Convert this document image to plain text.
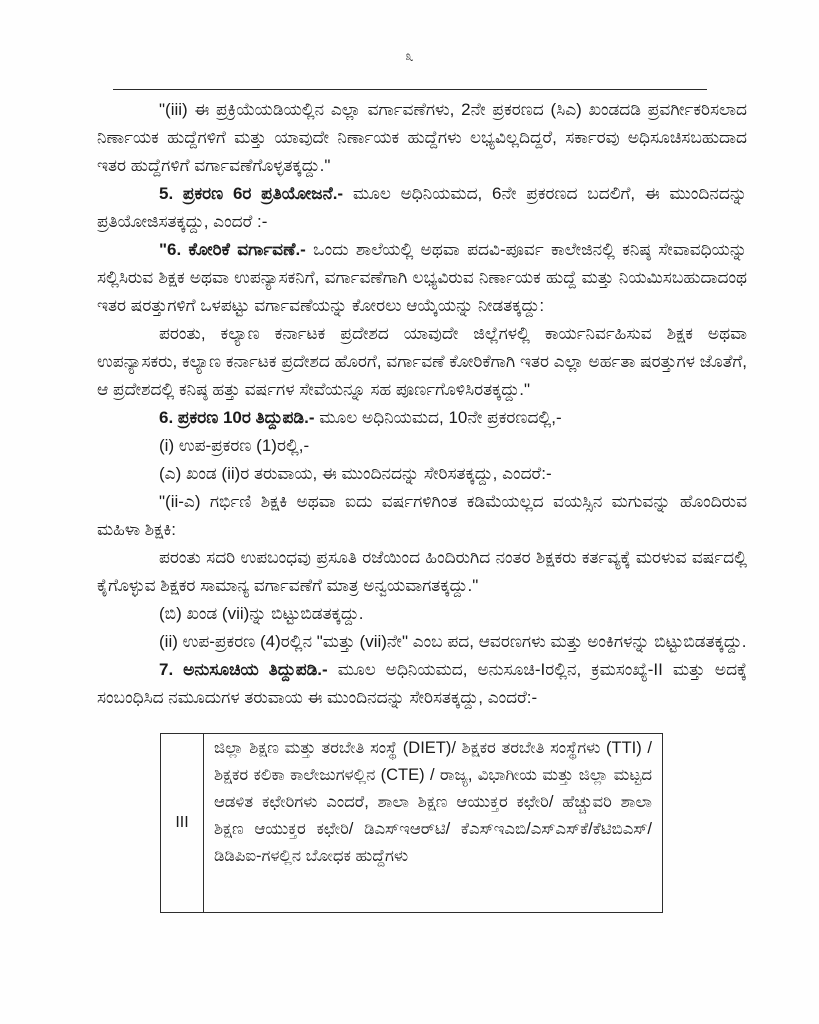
೩

"(iii) ಈ ಪ್ರಕ್ರಿಯೆಯಡಿಯಲ್ಲಿನ ಎಲ್ಲಾ ವರ್ಗಾವಣೆಗಳು, 2ನೇ ಪ್ರಕರಣದ (ಸಿಎ) ಖಂಡದಡಿ ಪ್ರವರ್ಗೀಕರಿಸಲಾದ ನಿರ್ಣಾಯಕ ಹುದ್ದೆಗಳಿಗೆ ಮತ್ತು ಯಾವುದೇ ನಿರ್ಣಾಯಕ ಹುದ್ದೆಗಳು ಲಭ್ಯವಿಲ್ಲದಿದ್ದರೆ, ಸರ್ಕಾರವು ಅಧಿಸೂಚಿಸಬಹುದಾದ ಇತರ ಹುದ್ದೆಗಳಿಗೆ ವರ್ಗಾವಣೆಗೊಳ್ಳತಕ್ಕದ್ದು."

5. ಪ್ರಕರಣ 6ರ ಪ್ರತಿಯೋಜನೆ.- ಮೂಲ ಅಧಿನಿಯಮದ, 6ನೇ ಪ್ರಕರಣದ ಬದಲಿಗೆ, ಈ ಮುಂದಿನದನ್ನು ಪ್ರತಿಯೋಜಿಸತಕ್ಕದ್ದು, ಎಂದರೆ :-

"6. ಕೋರಿಕೆ ವರ್ಗಾವಣೆ.- ಒಂದು ಶಾಲೆಯಲ್ಲಿ ಅಥವಾ ಪದವಿ-ಪೂರ್ವ ಕಾಲೇಜಿನಲ್ಲಿ ಕನಿಷ್ಠ ಸೇವಾವಧಿಯನ್ನು ಸಲ್ಲಿಸಿರುವ ಶಿಕ್ಷಕ ಅಥವಾ ಉಪನ್ಯಾಸಕನಿಗೆ, ವರ್ಗಾವಣೆಗಾಗಿ ಲಭ್ಯವಿರುವ ನಿರ್ಣಾಯಕ ಹುದ್ದೆ ಮತ್ತು ನಿಯಮಿಸಬಹುದಾದಂಥ ಇತರ ಷರತ್ತುಗಳಿಗೆ ಒಳಪಟ್ಟು ವರ್ಗಾವಣೆಯನ್ನು ಕೋರಲು ಆಯ್ಕೆಯನ್ನು ನೀಡತಕ್ಕದ್ದು:

ಪರಂತು, ಕಲ್ಯಾಣ ಕರ್ನಾಟಕ ಪ್ರದೇಶದ ಯಾವುದೇ ಜಿಲ್ಲೆಗಳಲ್ಲಿ ಕಾರ್ಯನಿರ್ವಹಿಸುವ ಶಿಕ್ಷಕ ಅಥವಾ ಉಪನ್ಯಾಸಕರು, ಕಲ್ಯಾಣ ಕರ್ನಾಟಕ ಪ್ರದೇಶದ ಹೊರಗೆ, ವರ್ಗಾವಣೆ ಕೋರಿಕೆಗಾಗಿ ಇತರ ಎಲ್ಲಾ ಅರ್ಹತಾ ಷರತ್ತುಗಳ ಜೊತೆಗೆ, ಆ ಪ್ರದೇಶದಲ್ಲಿ ಕನಿಷ್ಠ ಹತ್ತು ವರ್ಷಗಳ ಸೇವೆಯನ್ನೂ ಸಹ ಪೂರ್ಣಗೊಳಿಸಿರತಕ್ಕದ್ದು."

6. ಪ್ರಕರಣ 10ರ ತಿದ್ದುಪಡಿ.- ಮೂಲ ಅಧಿನಿಯಮದ, 10ನೇ ಪ್ರಕರಣದಲ್ಲಿ,-

(i) ಉಪ-ಪ್ರಕರಣ (1)ರಲ್ಲಿ,-

(ಎ) ಖಂಡ (ii)ರ ತರುವಾಯ, ಈ ಮುಂದಿನದನ್ನು ಸೇರಿಸತಕ್ಕದ್ದು, ಎಂದರೆ:-

"(ii-ಎ) ಗರ್ಭಿಣಿ ಶಿಕ್ಷಕಿ ಅಥವಾ ಐದು ವರ್ಷಗಳಿಗಿಂತ ಕಡಿಮೆಯಲ್ಲದ ವಯಸ್ಸಿನ ಮಗುವನ್ನು ಹೊಂದಿರುವ ಮಹಿಳಾ ಶಿಕ್ಷಕಿ:

ಪರಂತು ಸದರಿ ಉಪಬಂಧವು ಪ್ರಸೂತಿ ರಜೆಯಿಂದ ಹಿಂದಿರುಗಿದ ನಂತರ ಶಿಕ್ಷಕರು ಕರ್ತವ್ಯಕ್ಕೆ ಮರಳುವ ವರ್ಷದಲ್ಲಿ ಕೈಗೊಳ್ಳುವ ಶಿಕ್ಷಕರ ಸಾಮಾನ್ಯ ವರ್ಗಾವಣೆಗೆ ಮಾತ್ರ ಅನ್ವಯವಾಗತಕ್ಕದ್ದು."

(ಬಿ) ಖಂಡ (vii)ನ್ನು ಬಿಟ್ಟುಬಿಡತಕ್ಕದ್ದು.

(ii) ಉಪ-ಪ್ರಕರಣ (4)ರಲ್ಲಿನ "ಮತ್ತು (vii)ನೇ" ಎಂಬ ಪದ, ಆವರಣಗಳು ಮತ್ತು ಅಂಕಿಗಳನ್ನು ಬಿಟ್ಟುಬಿಡತಕ್ಕದ್ದು.

7. ಅನುಸೂಚಿಯ ತಿದ್ದುಪಡಿ.- ಮೂಲ ಅಧಿನಿಯಮದ, ಅನುಸೂಚಿ-Iರಲ್ಲಿನ, ಕ್ರಮಸಂಖ್ಯೆ-II ಮತ್ತು ಅದಕ್ಕೆ ಸಂಬಂಧಿಸಿದ ನಮೂದುಗಳ ತರುವಾಯ ಈ ಮುಂದಿನದನ್ನು ಸೇರಿಸತಕ್ಕದ್ದು, ಎಂದರೆ:-

III	ಜಿಲ್ಲಾ ಶಿಕ್ಷಣ ಮತ್ತು ತರಬೇತಿ ಸಂಸ್ಥೆ (DIET)/ ಶಿಕ್ಷಕರ ತರಬೇತಿ ಸಂಸ್ಥೆಗಳು (TTI) / ಶಿಕ್ಷಕರ ಕಲಿಕಾ ಕಾಲೇಜುಗಳಲ್ಲಿನ (CTE) / ರಾಜ್ಯ, ವಿಭಾಗೀಯ ಮತ್ತು ಜಿಲ್ಲಾ ಮಟ್ಟದ ಆಡಳಿತ ಕಛೇರಿಗಳು ಎಂದರೆ, ಶಾಲಾ ಶಿಕ್ಷಣ ಆಯುಕ್ತರ ಕಛೇರಿ/ ಹೆಚ್ಚುವರಿ ಶಾಲಾ ಶಿಕ್ಷಣ ಆಯುಕ್ತರ ಕಛೇರಿ/ ಡಿಎಸ್‌ಇಆರ್‌ಟಿ/ ಕೆಎಸ್‌ಇಎಬಿ/ಎಸ್‌ಎಸ್‌ಕೆ/ಕೆಟಿಬಿಎಸ್/ಡಿಡಿಪಿಐ-ಗಳಲ್ಲಿನ ಬೋಧಕ ಹುದ್ದೆಗಳು
